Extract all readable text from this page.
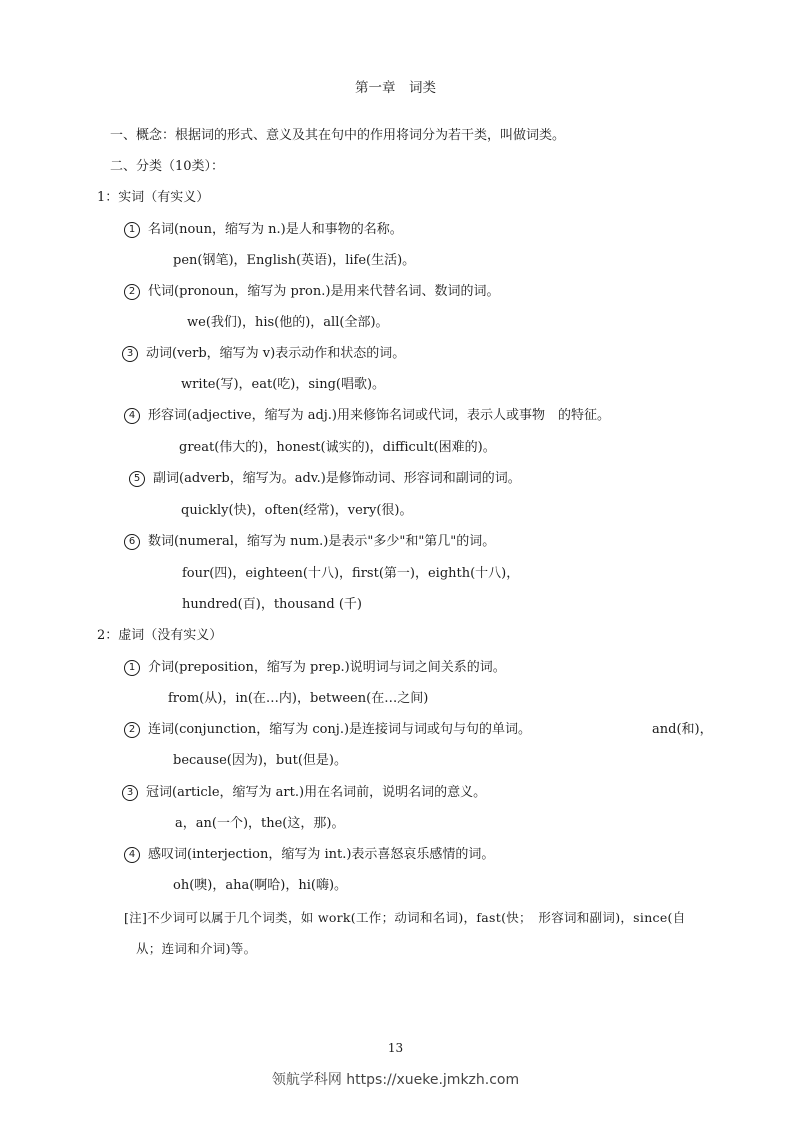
第一章　词类
一、概念：根据词的形式、意义及其在句中的作用将词分为若干类，叫做词类。
二、分类（10类）：
1：实词（有实义）
1 名词(noun，缩写为 n.)是人和事物的名称。
pen(钢笔)，English(英语)，life(生活)。
2 代词(pronoun，缩写为 pron.)是用来代替名词、数词的词。
we(我们)，his(他的)，all(全部)。
3 动词(verb，缩写为 v)表示动作和状态的词。
write(写)，eat(吃)，sing(唱歌)。
4 形容词(adjective，缩写为 adj.)用来修饰名词或代词，表示人或事物　的特征。
great(伟大的)，honest(诚实的)，difficult(困难的)。
5 副词(adverb，缩写为。adv.)是修饰动词、形容词和副词的词。
quickly(快)，often(经常)，very(很)。
6 数词(numeral，缩写为 num.)是表示"多少"和"第几"的词。
four(四)，eighteen(十八)，first(第一)，eighth(十八)，
hundred(百)，thousand (千)
2：虚词（没有实义）
1 介词(preposition，缩写为 prep.)说明词与词之间关系的词。
from(从)，in(在…内)，between(在…之间)
2 连词(conjunction，缩写为 conj.)是连接词与词或句与句的单词。	and(和)，
because(因为)，but(但是)。
3 冠词(article，缩写为 art.)用在名词前，说明名词的意义。
a，an(一个)，the(这，那)。
4 感叹词(interjection，缩写为 int.)表示喜怒哀乐感情的词。
oh(噢)，aha(啊哈)，hi(嗨)。
[注]不少词可以属于几个词类，如 work(工作；动词和名词)，fast(快；　形容词和副词)，since(自
从；连词和介词)等。
13
领航学科网 https://xueke.jmkzh.com
